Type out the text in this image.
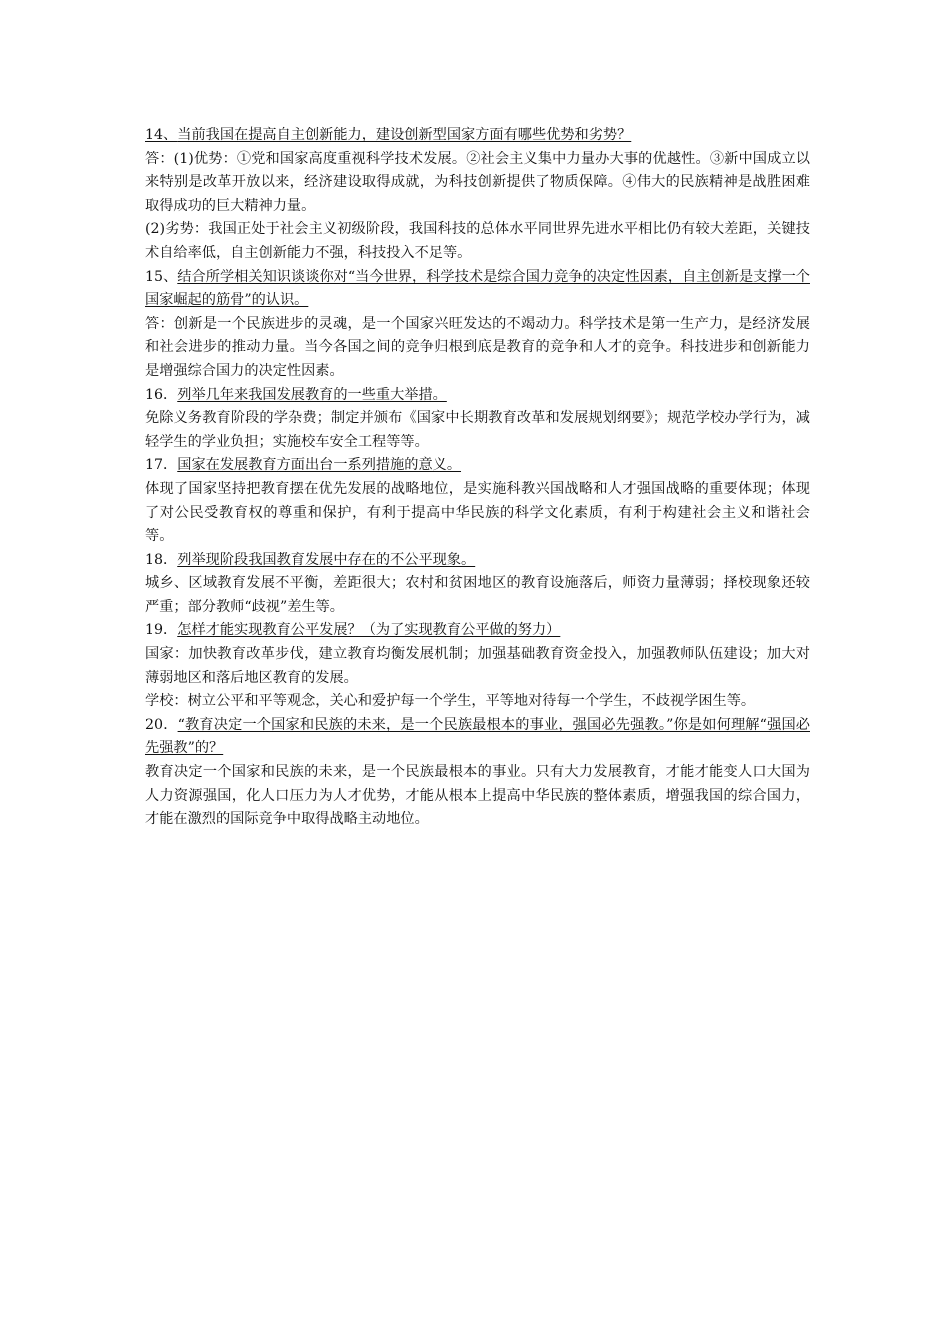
14、当前我国在提高自主创新能力，建设创新型国家方面有哪些优势和劣势？

答：(1)优势：①党和国家高度重视科学技术发展。②社会主义集中力量办大事的优越性。③新中国成立以来特别是改革开放以来，经济建设取得成就，为科技创新提供了物质保障。④伟大的民族精神是战胜困难取得成功的巨大精神力量。

(2)劣势：我国正处于社会主义初级阶段，我国科技的总体水平同世界先进水平相比仍有较大差距，关键技术自给率低，自主创新能力不强，科技投入不足等。

15、结合所学相关知识谈谈你对“当今世界，科学技术是综合国力竞争的决定性因素，自主创新是支撑一个国家崛起的筋骨”的认识。

答：创新是一个民族进步的灵魂，是一个国家兴旺发达的不竭动力。科学技术是第一生产力，是经济发展和社会进步的推动力量。当今各国之间的竞争归根到底是教育的竞争和人才的竞争。科技进步和创新能力是增强综合国力的决定性因素。

16．列举几年来我国发展教育的一些重大举措。

免除义务教育阶段的学杂费；制定并颁布《国家中长期教育改革和发展规划纲要》；规范学校办学行为，减轻学生的学业负担；实施校车安全工程等等。

17．国家在发展教育方面出台一系列措施的意义。

体现了国家坚持把教育摆在优先发展的战略地位，是实施科教兴国战略和人才强国战略的重要体现；体现了对公民受教育权的尊重和保护，有利于提高中华民族的科学文化素质，有利于构建社会主义和谐社会等。

18．列举现阶段我国教育发展中存在的不公平现象。

城乡、区域教育发展不平衡，差距很大；农村和贫困地区的教育设施落后，师资力量薄弱；择校现象还较严重；部分教师“歧视”差生等。

19．怎样才能实现教育公平发展？（为了实现教育公平做的努力）

国家：加快教育改革步伐，建立教育均衡发展机制；加强基础教育资金投入，加强教师队伍建设；加大对薄弱地区和落后地区教育的发展。

学校：树立公平和平等观念，关心和爱护每一个学生，平等地对待每一个学生，不歧视学困生等。

20．“教育决定一个国家和民族的未来，是一个民族最根本的事业，强国必先强教。”你是如何理解“强国必先强教”的？

教育决定一个国家和民族的未来，是一个民族最根本的事业。只有大力发展教育，才能才能变人口大国为人力资源强国，化人口压力为人才优势，才能从根本上提高中华民族的整体素质，增强我国的综合国力，才能在激烈的国际竞争中取得战略主动地位。
